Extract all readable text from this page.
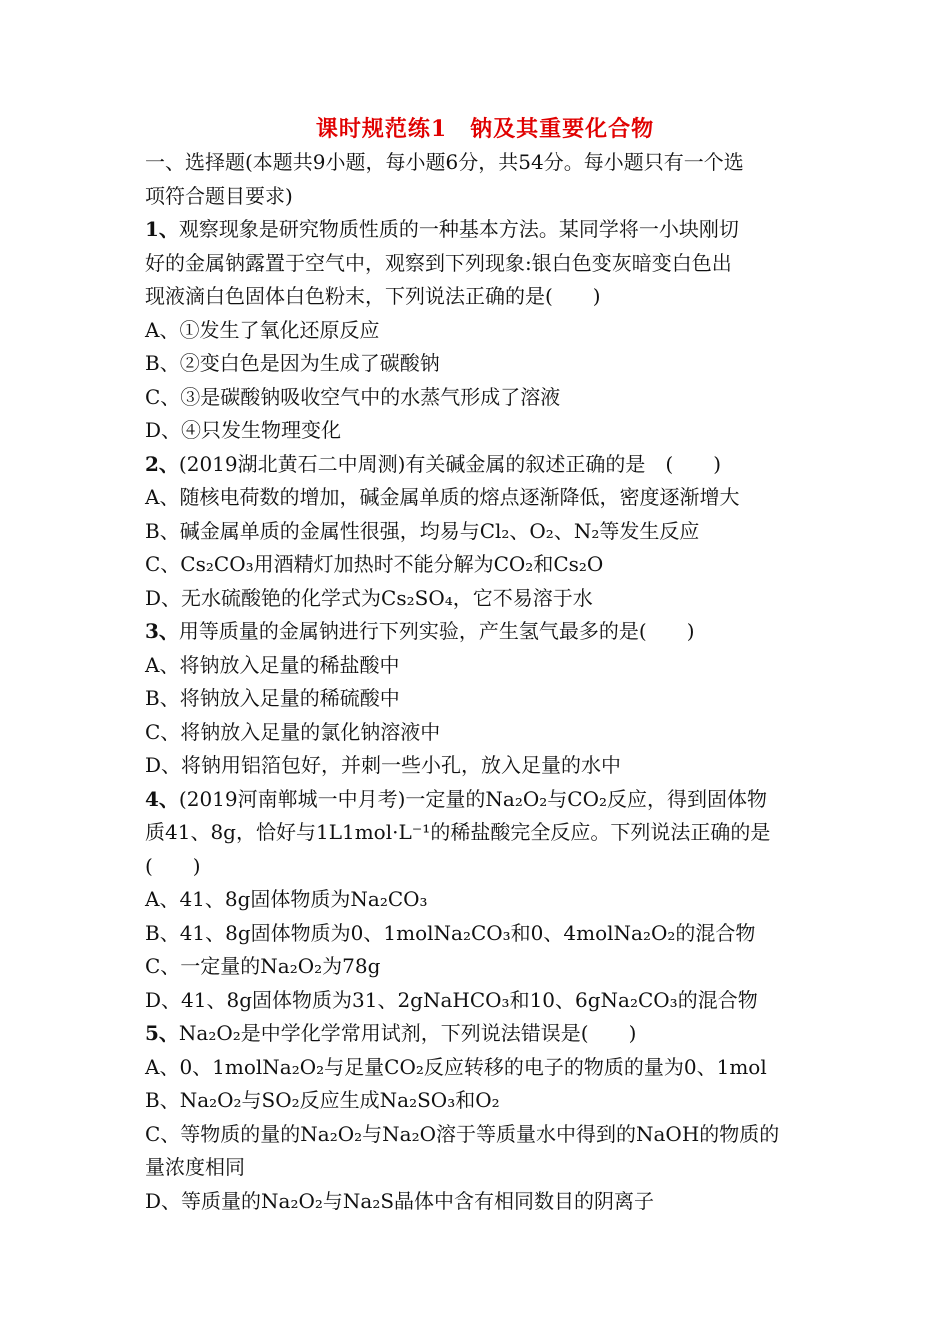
课时规范练1　钠及其重要化合物
一、选择题(本题共9小题，每小题6分，共54分。每小题只有一个选
项符合题目要求)
1、观察现象是研究物质性质的一种基本方法。某同学将一小块刚切
好的金属钠露置于空气中，观察到下列现象:银白色变灰暗变白色出
现液滴白色固体白色粉末，下列说法正确的是(　　)
A、①发生了氧化还原反应
B、②变白色是因为生成了碳酸钠
C、③是碳酸钠吸收空气中的水蒸气形成了溶液
D、④只发生物理变化
2、(2019湖北黄石二中周测)有关碱金属的叙述正确的是　(　　)
A、随核电荷数的增加，碱金属单质的熔点逐渐降低，密度逐渐增大
B、碱金属单质的金属性很强，均易与Cl₂、O₂、N₂等发生反应
C、Cs₂CO₃用酒精灯加热时不能分解为CO₂和Cs₂O
D、无水硫酸铯的化学式为Cs₂SO₄，它不易溶于水
3、用等质量的金属钠进行下列实验，产生氢气最多的是(　　)
A、将钠放入足量的稀盐酸中
B、将钠放入足量的稀硫酸中
C、将钠放入足量的氯化钠溶液中
D、将钠用铝箔包好，并刺一些小孔，放入足量的水中
4、(2019河南郸城一中月考)一定量的Na₂O₂与CO₂反应，得到固体物
质41、8g，恰好与1L1mol·L⁻¹的稀盐酸完全反应。下列说法正确的是
(　　)
A、41、8g固体物质为Na₂CO₃
B、41、8g固体物质为0、1molNa₂CO₃和0、4molNa₂O₂的混合物
C、一定量的Na₂O₂为78g
D、41、8g固体物质为31、2gNaHCO₃和10、6gNa₂CO₃的混合物
5、Na₂O₂是中学化学常用试剂，下列说法错误是(　　)
A、0、1molNa₂O₂与足量CO₂反应转移的电子的物质的量为0、1mol
B、Na₂O₂与SO₂反应生成Na₂SO₃和O₂
C、等物质的量的Na₂O₂与Na₂O溶于等质量水中得到的NaOH的物质的
量浓度相同
D、等质量的Na₂O₂与Na₂S晶体中含有相同数目的阴离子
